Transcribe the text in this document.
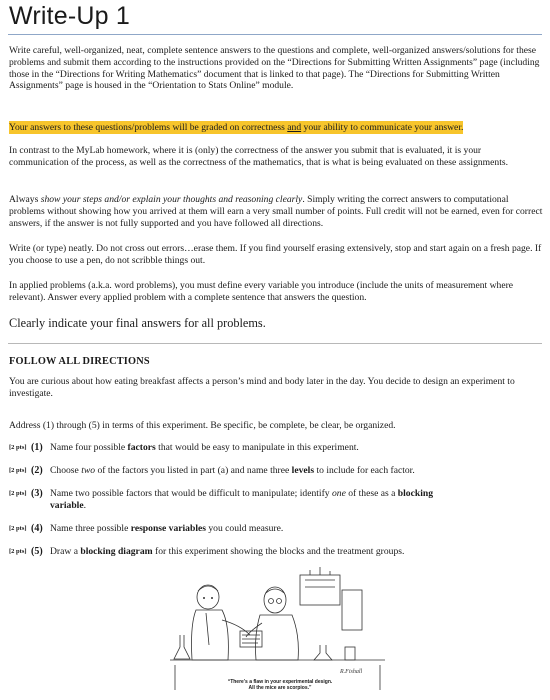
Write-Up 1

Write careful, well-organized, neat, complete sentence answers to the questions and complete, well-organized answers/solutions for these problems and submit them according to the instructions provided on the “Directions for Submitting Written Assignments” page (including those in the “Directions for Writing Mathematics” document that is linked to that page). The “Directions for Submitting Written Assignments” page is housed in the “Orientation to Stats Online” module.

Your answers to these questions/problems will be graded on correctness and your ability to communicate your answer.

In contrast to the MyLab homework, where it is (only) the correctness of the answer you submit that is evaluated, it is your communication of the process, as well as the correctness of the mathematics, that is what is being evaluated on these assignments.

Always show your steps and/or explain your thoughts and reasoning clearly. Simply writing the correct answers to computational problems without showing how you arrived at them will earn a very small number of points. Full credit will not be earned, even for correct answers, if the answer is not fully supported and you have followed all directions.

Write (or type) neatly. Do not cross out errors…erase them. If you find yourself erasing extensively, stop and start again on a fresh page. If you choose to use a pen, do not scribble things out.

In applied problems (a.k.a. word problems), you must define every variable you introduce (include the units of measurement where relevant). Answer every applied problem with a complete sentence that answers the question.

Clearly indicate your final answers for all problems.

FOLLOW ALL DIRECTIONS

You are curious about how eating breakfast affects a person’s mind and body later in the day. You decide to design an experiment to investigate.

Address (1) through (5) in terms of this experiment. Be specific, be complete, be clear, be organized.

[2 pts] (1) Name four possible factors that would be easy to manipulate in this experiment.
[2 pts] (2) Choose two of the factors you listed in part (a) and name three levels to include for each factor.
[2 pts] (3) Name two possible factors that would be difficult to manipulate; identify one of these as a blocking
variable.
[2 pts] (4) Name three possible response variables you could measure.
[2 pts] (5) Draw a blocking diagram for this experiment showing the blocks and the treatment groups.
R.Fishall
“There’s a flaw in your experimental design.
All the mice are scorpios.”
